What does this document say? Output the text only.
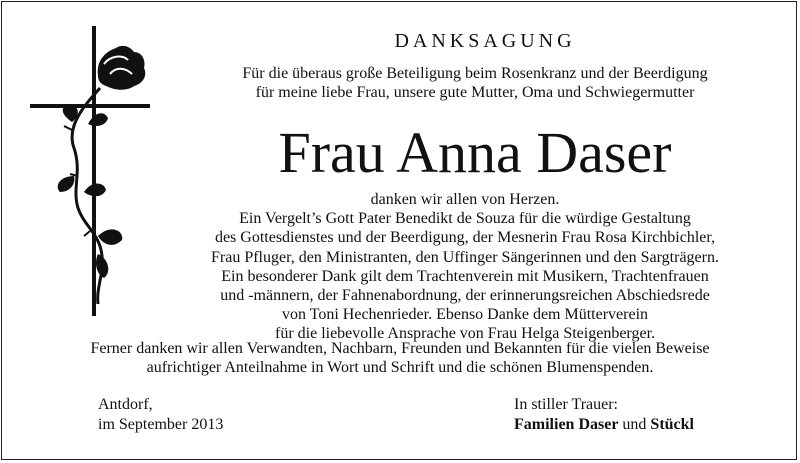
DANKSAGUNG
Für die überaus große Beteiligung beim Rosenkranz und der Beerdigung
für meine liebe Frau, unsere gute Mutter, Oma und Schwiegermutter
Frau Anna Daser
danken wir allen von Herzen.
Ein Vergelt’s Gott Pater Benedikt de Souza für die würdige Gestaltung
des Gottesdienstes und der Beerdigung, der Mesnerin Frau Rosa Kirchbichler,
Frau Pfluger, den Ministranten, den Uffinger Sängerinnen und den Sargträgern.
Ein besonderer Dank gilt dem Trachtenverein mit Musikern, Trachtenfrauen
und -männern, der Fahnenabordnung, der erinnerungsreichen Abschiedsrede
von Toni Hechenrieder. Ebenso Danke dem Mütterverein
für die liebevolle Ansprache von Frau Helga Steigenberger.
Ferner danken wir allen Verwandten, Nachbarn, Freunden und Bekannten für die vielen Beweise
aufrichtiger Anteilnahme in Wort und Schrift und die schönen Blumenspenden.
Antdorf,
im September 2013
In stiller Trauer:
Familien Daser und Stückl
